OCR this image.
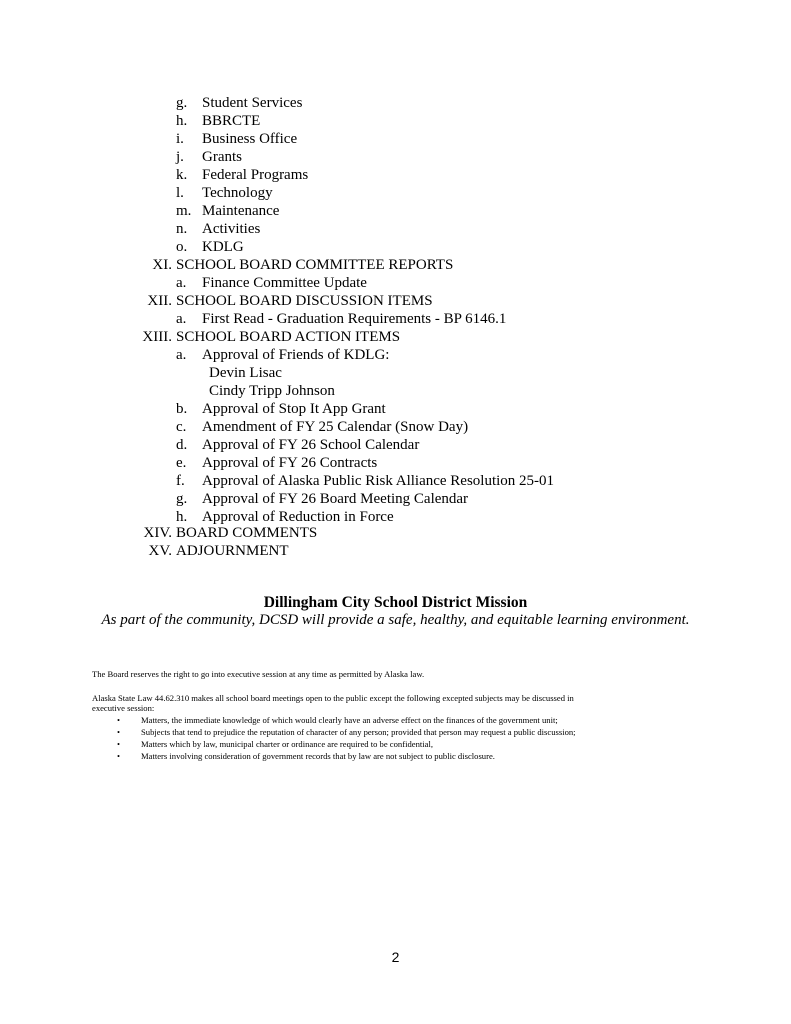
g. Student Services
h. BBRCTE
i.	Business Office
j.	Grants
k. Federal Programs
l.	Technology
m. Maintenance
n. Activities
o. KDLG
XI. SCHOOL BOARD COMMITTEE REPORTS
a.	Finance Committee Update
XII. SCHOOL BOARD DISCUSSION ITEMS
a.	First Read - Graduation Requirements - BP 6146.1
XIII. SCHOOL BOARD ACTION ITEMS
a.	Approval of Friends of KDLG:
Devin Lisac
Cindy Tripp Johnson
b. Approval of Stop It App Grant
c.	Amendment of FY 25 Calendar (Snow Day)
d. Approval of FY 26 School Calendar
e.	Approval of FY 26 Contracts
f.	Approval of Alaska Public Risk Alliance Resolution 25-01
g. Approval of FY 26 Board Meeting Calendar
h. Approval of Reduction in Force
XIV. BOARD COMMENTS
XV. ADJOURNMENT
Dillingham City School District Mission
As part of the community, DCSD will provide a safe, healthy, and equitable learning environment.
The Board reserves the right to go into executive session at any time as permitted by Alaska law.
Alaska State Law 44.62.310 makes all school board meetings open to the public except the following excepted subjects may be discussed in
executive session:
• Matters, the immediate knowledge of which would clearly have an adverse effect on the finances of the government unit;
• Subjects that tend to prejudice the reputation of character of any person; provided that person may request a public discussion;
• Matters which by law, municipal charter or ordinance are required to be confidential,
• Matters involving consideration of government records that by law are not subject to public disclosure.
2
